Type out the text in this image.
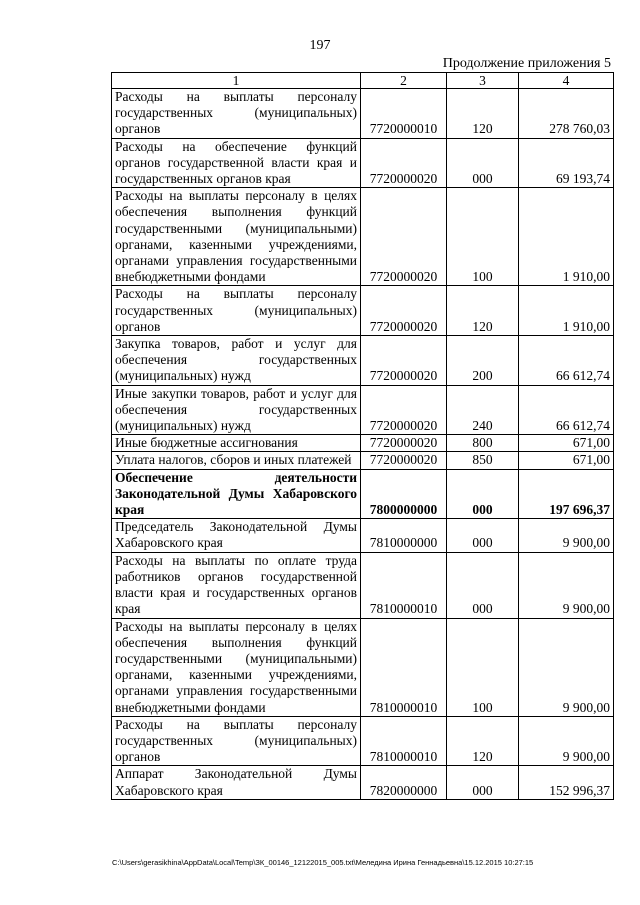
197
Продолжение приложения 5
1	2	3	4
Расходы на выплаты персоналу государственных (муниципальных) органов	7720000010	120	278 760,03
Расходы на обеспечение функций органов государственной власти края и государственных органов края	7720000020	000	69 193,74
Расходы на выплаты персоналу в целях обеспечения выполнения функций государственными (муниципальными) органами, казенными учреждениями, органами управления государственными внебюджетными фондами	7720000020	100	1 910,00
Расходы на выплаты персоналу государственных (муниципальных) органов	7720000020	120	1 910,00
Закупка товаров, работ и услуг для обеспечения государственных (муниципальных) нужд	7720000020	200	66 612,74
Иные закупки товаров, работ и услуг для обеспечения государственных (муниципальных) нужд	7720000020	240	66 612,74
Иные бюджетные ассигнования	7720000020	800	671,00
Уплата налогов, сборов и иных платежей	7720000020	850	671,00
Обеспечение деятельности Законодательной Думы Хабаровского края	7800000000	000	197 696,37
Председатель Законодательной Думы Хабаровского края	7810000000	000	9 900,00
Расходы на выплаты по оплате труда работников органов государственной власти края и государственных органов края	7810000010	000	9 900,00
Расходы на выплаты персоналу в целях обеспечения выполнения функций государственными (муниципальными) органами, казенными учреждениями, органами управления государственными внебюджетными фондами	7810000010	100	9 900,00
Расходы на выплаты персоналу государственных (муниципальных) органов	7810000010	120	9 900,00
Аппарат Законодательной Думы Хабаровского края	7820000000	000	152 996,37
C:\Users\gerasikhina\AppData\Local\Temp\ЗК_00146_12122015_005.txt\Меледина Ирина Геннадьевна\15.12.2015 10:27:15
